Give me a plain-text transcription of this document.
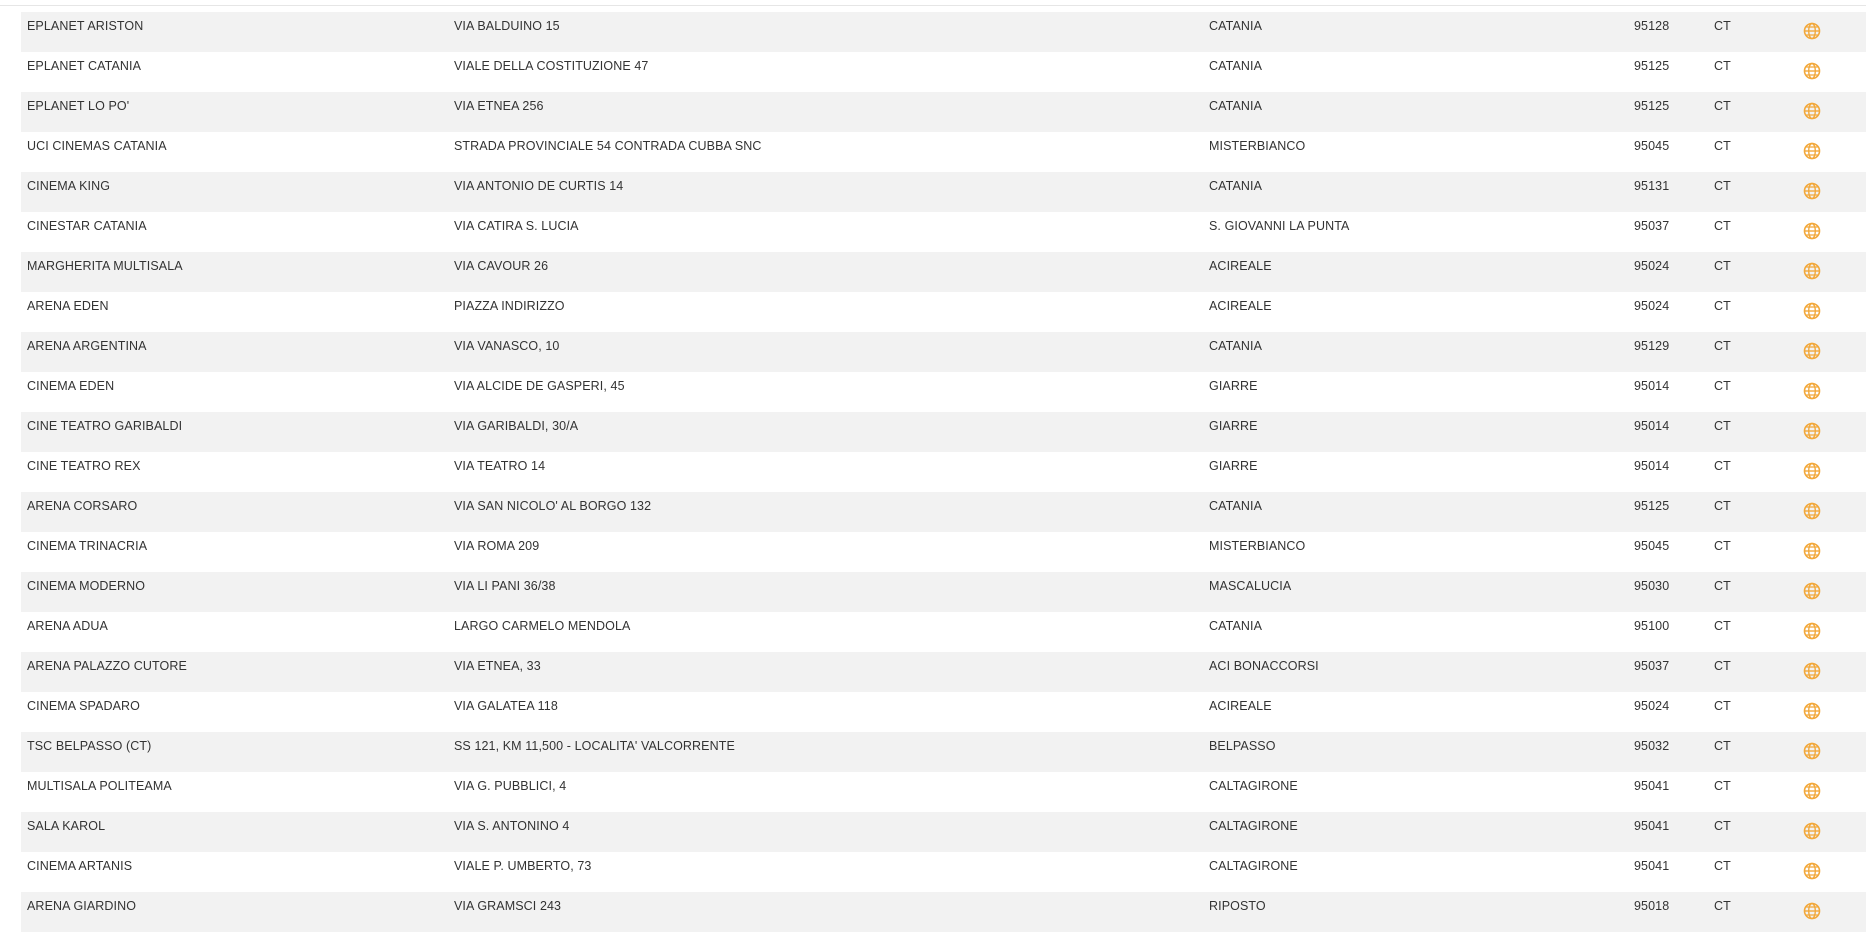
EPLANET ARISTON	VIA BALDUINO 15	CATANIA	95128	CT
EPLANET CATANIA	VIALE DELLA COSTITUZIONE 47	CATANIA	95125	CT
EPLANET LO PO'	VIA ETNEA 256	CATANIA	95125	CT
UCI CINEMAS CATANIA	STRADA PROVINCIALE 54 CONTRADA CUBBA SNC	MISTERBIANCO	95045	CT
CINEMA KING	VIA ANTONIO DE CURTIS 14	CATANIA	95131	CT
CINESTAR CATANIA	VIA CATIRA S. LUCIA	S. GIOVANNI LA PUNTA	95037	CT
MARGHERITA MULTISALA	VIA CAVOUR 26	ACIREALE	95024	CT
ARENA EDEN	PIAZZA INDIRIZZO	ACIREALE	95024	CT
ARENA ARGENTINA	VIA VANASCO, 10	CATANIA	95129	CT
CINEMA EDEN	VIA ALCIDE DE GASPERI, 45	GIARRE	95014	CT
CINE TEATRO GARIBALDI	VIA GARIBALDI, 30/A	GIARRE	95014	CT
CINE TEATRO REX	VIA TEATRO 14	GIARRE	95014	CT
ARENA CORSARO	VIA SAN NICOLO' AL BORGO 132	CATANIA	95125	CT
CINEMA TRINACRIA	VIA ROMA 209	MISTERBIANCO	95045	CT
CINEMA MODERNO	VIA LI PANI 36/38	MASCALUCIA	95030	CT
ARENA ADUA	LARGO CARMELO MENDOLA	CATANIA	95100	CT
ARENA PALAZZO CUTORE	VIA ETNEA, 33	ACI BONACCORSI	95037	CT
CINEMA SPADARO	VIA GALATEA 118	ACIREALE	95024	CT
TSC BELPASSO (CT)	SS 121, KM 11,500 - LOCALITA' VALCORRENTE	BELPASSO	95032	CT
MULTISALA POLITEAMA	VIA G. PUBBLICI, 4	CALTAGIRONE	95041	CT
SALA KAROL	VIA S. ANTONINO 4	CALTAGIRONE	95041	CT
CINEMA ARTANIS	VIALE P. UMBERTO, 73	CALTAGIRONE	95041	CT
ARENA GIARDINO	VIA GRAMSCI 243	RIPOSTO	95018	CT
